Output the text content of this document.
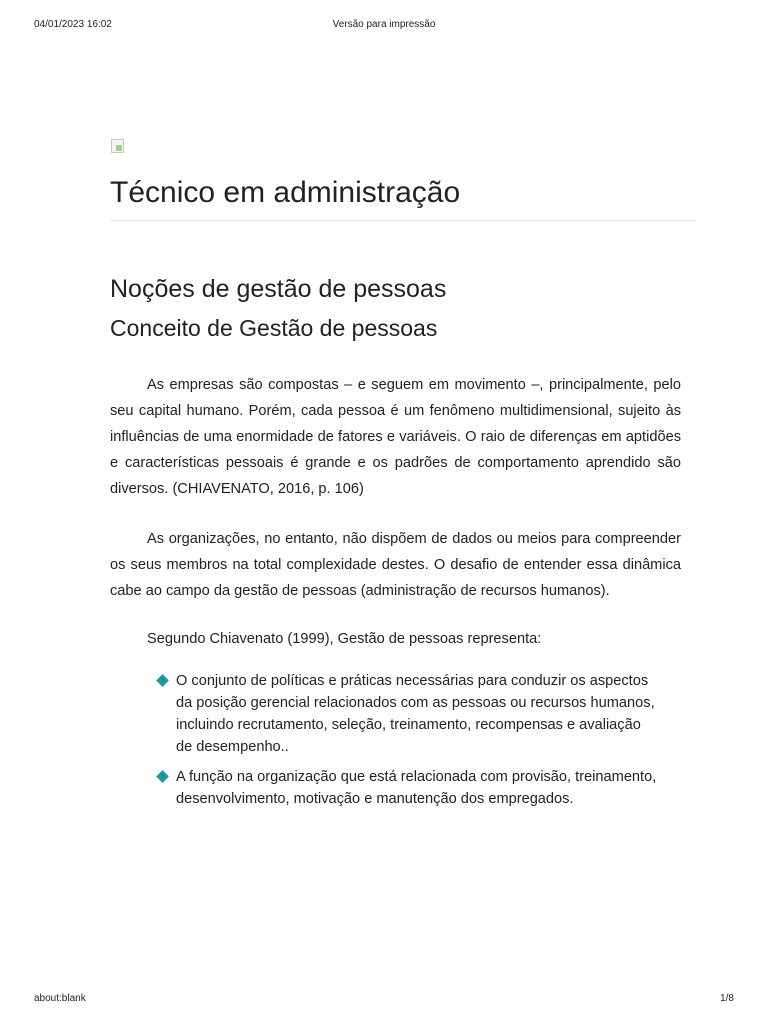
04/01/2023 16:02	Versão para impressão
Técnico em administração
Noções de gestão de pessoas
Conceito de Gestão de pessoas

As empresas são compostas – e seguem em movimento –, principalmente, pelo seu capital humano. Porém, cada pessoa é um fenômeno multidimensional, sujeito às influências de uma enormidade de fatores e variáveis. O raio de diferenças em aptidões e características pessoais é grande e os padrões de comportamento aprendido são diversos. (CHIAVENATO, 2016, p. 106)

As organizações, no entanto, não dispõem de dados ou meios para compreender os seus membros na total complexidade destes. O desafio de entender essa dinâmica cabe ao campo da gestão de pessoas (administração de recursos humanos).

Segundo Chiavenato (1999), Gestão de pessoas representa:

O conjunto de políticas e práticas necessárias para conduzir os aspectos da posição gerencial relacionados com as pessoas ou recursos humanos, incluindo recrutamento, seleção, treinamento, recompensas e avaliação de desempenho..
A função na organização que está relacionada com provisão, treinamento, desenvolvimento, motivação e manutenção dos empregados.
about:blank	1/8
